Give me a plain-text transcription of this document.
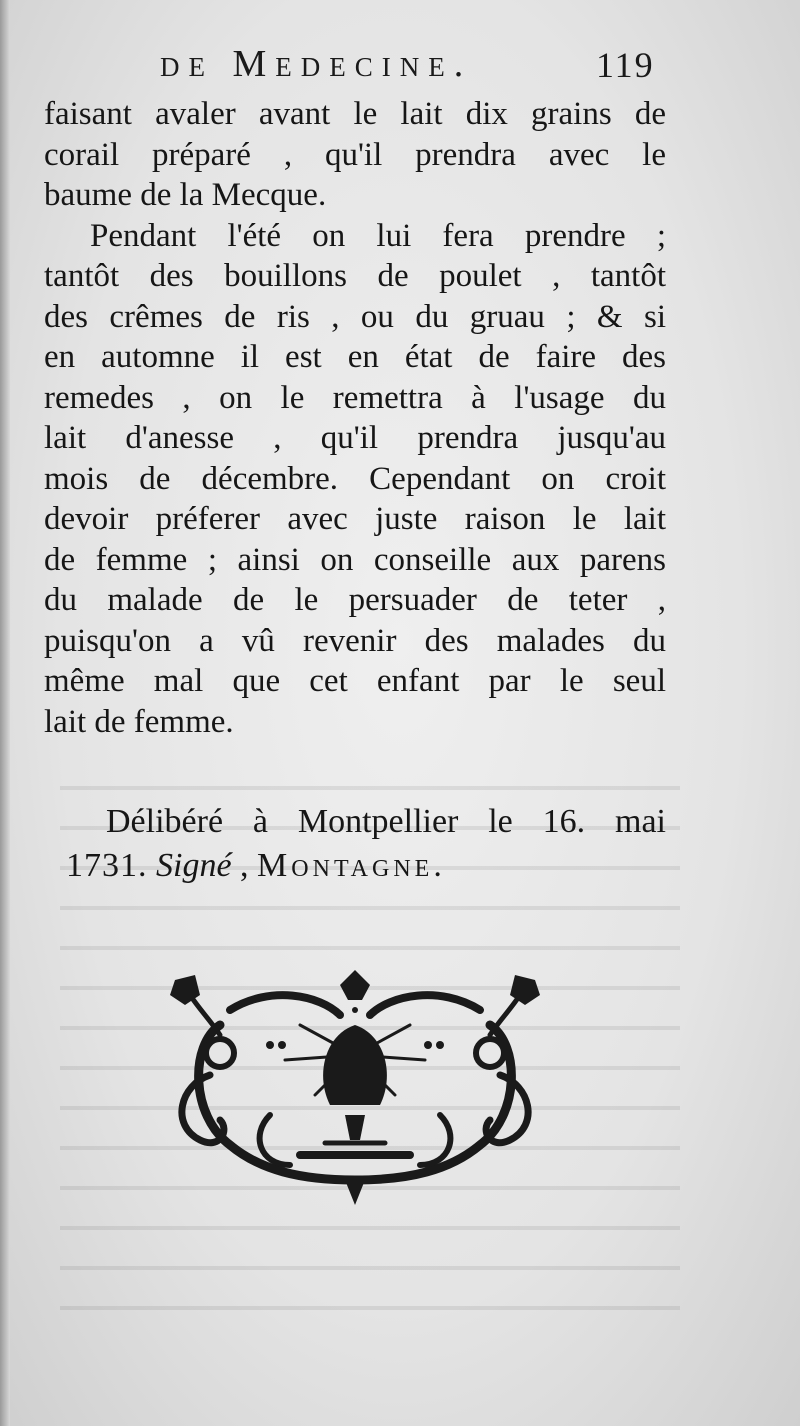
de Medecine.	119
faisant avaler avant le lait dix grains de
corail préparé , qu'il prendra avec le
baume de la Mecque.
Pendant l'été on lui fera prendre ;
tantôt des bouillons de poulet , tantôt
des crêmes de ris , ou du gruau ; & si
en automne il est en état de faire des
remedes , on le remettra à l'usage du
lait d'anesse , qu'il prendra jusqu'au
mois de décembre. Cependant on croit
devoir préferer avec juste raison le lait
de femme ; ainsi on conseille aux parens
du malade de le persuader de teter ,
puisqu'on a vû revenir des malades du
même mal que cet enfant par le seul
lait de femme.
Délibéré à Montpellier le 16. mai
1731. Signé , Montagne.
